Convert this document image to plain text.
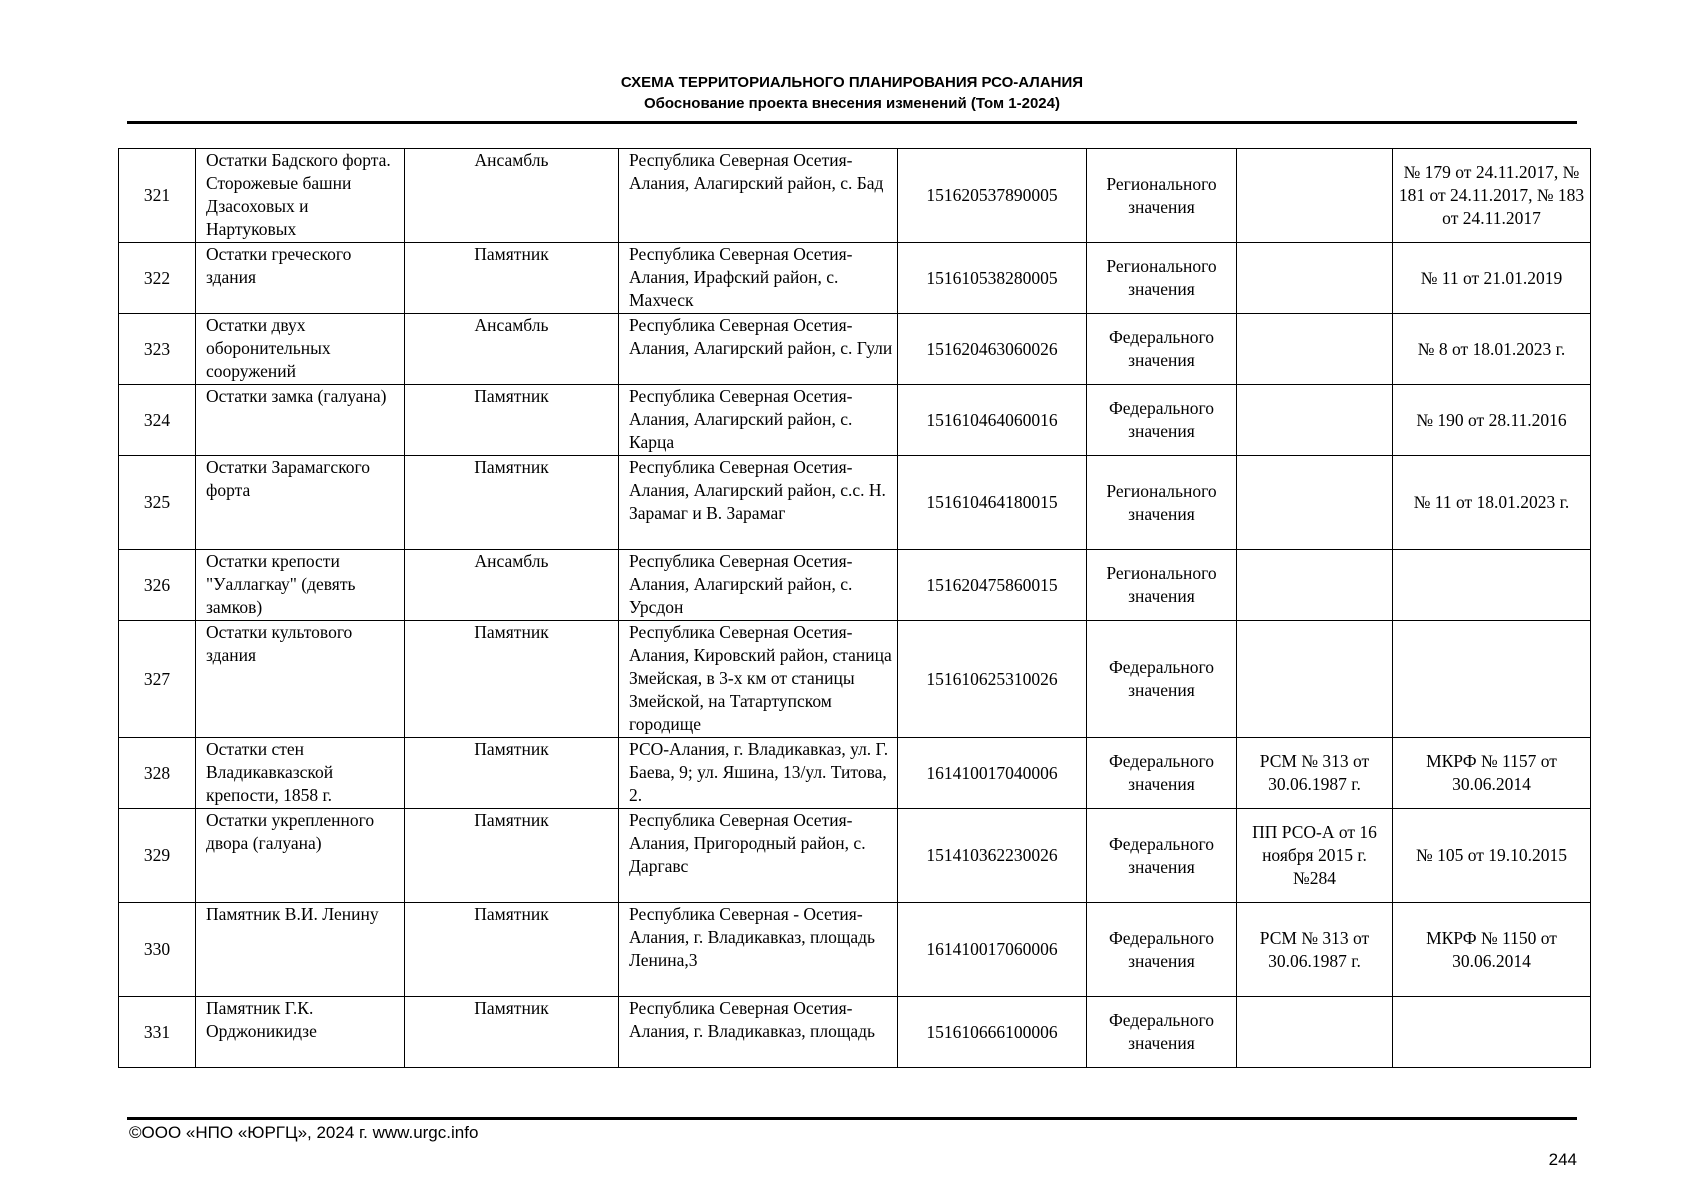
СХЕМА ТЕРРИТОРИАЛЬНОГО ПЛАНИРОВАНИЯ РСО-АЛАНИЯ
Обоснование проекта внесения изменений (Том 1-2024)
321	Остатки Бадского форта. Сторожевые башни Дзасоховых и Нартуковых	Ансамбль	Республика Северная Осетия-Алания, Алагирский район, с. Бад	151620537890005	Регионального значения		№ 179 от 24.11.2017, № 181 от 24.11.2017, № 183 от 24.11.2017
322	Остатки греческого здания	Памятник	Республика Северная Осетия-Алания, Ирафский район, с. Махческ	151610538280005	Регионального значения		№ 11 от 21.01.2019
323	Остатки двух оборонительных сооружений	Ансамбль	Республика Северная Осетия-Алания, Алагирский район, с. Гули	151620463060026	Федерального значения		№ 8 от 18.01.2023 г.
324	Остатки замка (галуана)	Памятник	Республика Северная Осетия-Алания, Алагирский район, с. Карца	151610464060016	Федерального значения		№ 190 от 28.11.2016
325	Остатки Зарамагского форта	Памятник	Республика Северная Осетия-Алания, Алагирский район, с.с. Н. Зарамаг и В. Зарамаг	151610464180015	Регионального значения		№ 11 от 18.01.2023 г.
326	Остатки крепости "Уаллагкау" (девять замков)	Ансамбль	Республика Северная Осетия-Алания, Алагирский район, с. Урсдон	151620475860015	Регионального значения		
327	Остатки культового здания	Памятник	Республика Северная Осетия-Алания, Кировский район, станица Змейская, в 3-х км от станицы Змейской, на Татартупском городище	151610625310026	Федерального значения		
328	Остатки стен Владикавказской крепости, 1858 г.	Памятник	РСО-Алания, г. Владикавказ, ул. Г. Баева, 9; ул. Яшина, 13/ул. Титова, 2.	161410017040006	Федерального значения	РСМ № 313 от 30.06.1987 г.	МКРФ № 1157 от 30.06.2014
329	Остатки укрепленного двора (галуана)	Памятник	Республика Северная Осетия-Алания, Пригородный район, с. Даргавс	151410362230026	Федерального значения	ПП РСО-А от 16 ноября 2015 г. №284	№ 105 от 19.10.2015
330	Памятник В.И. Ленину	Памятник	Республика Северная - Осетия- Алания, г. Владикавказ, площадь Ленина,3	161410017060006	Федерального значения	РСМ № 313 от 30.06.1987 г.	МКРФ № 1150 от 30.06.2014
331	Памятник Г.К. Орджоникидзе	Памятник	Республика Северная Осетия-Алания, г. Владикавказ, площадь	151610666100006	Федерального значения		
©ООО «НПО «ЮРГЦ», 2024 г. www.urgc.info
244
